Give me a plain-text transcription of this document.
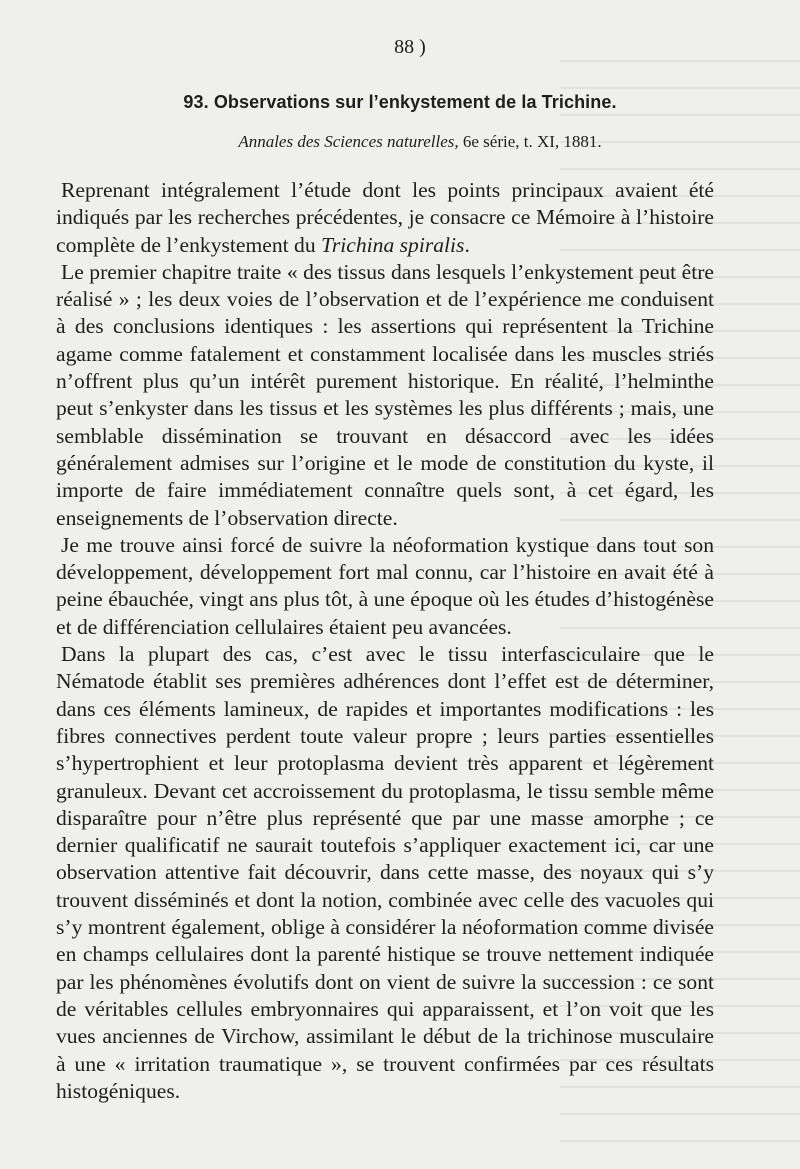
88 )
93. Observations sur l’enkystement de la Trichine.
Annales des Sciences naturelles, 6e série, t. XI, 1881.

Reprenant intégralement l’étude dont les points principaux avaient été indiqués par les recherches précédentes, je consacre ce Mémoire à l’histoire complète de l’enkystement du Trichina spiralis.

Le premier chapitre traite « des tissus dans lesquels l’enkystement peut être réalisé » ; les deux voies de l’observation et de l’expérience me conduisent à des conclusions identiques : les assertions qui représentent la Trichine agame comme fatalement et constamment localisée dans les muscles striés n’offrent plus qu’un intérêt purement historique. En réalité, l’helminthe peut s’enkyster dans les tissus et les systèmes les plus différents ; mais, une semblable dissémination se trouvant en désaccord avec les idées généralement admises sur l’origine et le mode de constitution du kyste, il importe de faire immédiatement connaître quels sont, à cet égard, les enseignements de l’observation directe.

Je me trouve ainsi forcé de suivre la néoformation kystique dans tout son développement, développement fort mal connu, car l’histoire en avait été à peine ébauchée, vingt ans plus tôt, à une époque où les études d’histogénèse et de différenciation cellulaires étaient peu avancées.

Dans la plupart des cas, c’est avec le tissu interfasciculaire que le Nématode établit ses premières adhérences dont l’effet est de déterminer, dans ces éléments lamineux, de rapides et importantes modifications : les fibres connectives perdent toute valeur propre ; leurs parties essentielles s’hypertrophient et leur protoplasma devient très apparent et légèrement granuleux. Devant cet accroissement du protoplasma, le tissu semble même disparaître pour n’être plus représenté que par une masse amorphe ; ce dernier qualificatif ne saurait toutefois s’appliquer exactement ici, car une observation attentive fait découvrir, dans cette masse, des noyaux qui s’y trouvent disséminés et dont la notion, combinée avec celle des vacuoles qui s’y montrent également, oblige à considérer la néoformation comme divisée en champs cellulaires dont la parenté histique se trouve nettement indiquée par les phénomènes évolutifs dont on vient de suivre la succession : ce sont de véritables cellules embryonnaires qui apparaissent, et l’on voit que les vues anciennes de Virchow, assimilant le début de la trichinose musculaire à une « irritation traumatique », se trouvent confirmées par ces résultats histogéniques.
